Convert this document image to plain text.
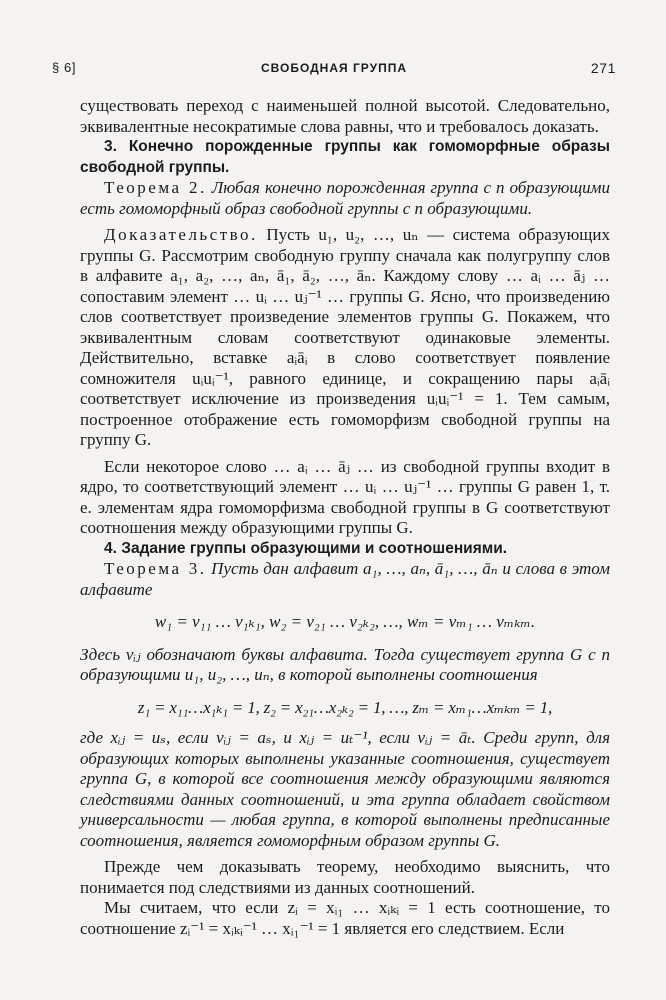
§ 6]	СВОБОДНАЯ ГРУППА	271

существовать переход с наименьшей полной высотой. Следовательно, эквивалентные несократимые слова равны, что и требовалось доказать.

3. Конечно порожденные группы как гомоморфные образы свободной группы.

Теорема 2. Любая конечно порожденная группа с n образующими есть гомоморфный образ свободной группы с n образующими.

Доказательство. Пусть u₁, u₂, …, uₙ — система образующих группы G. Рассмотрим свободную группу сначала как полугруппу слов в алфавите a₁, a₂, …, aₙ, ā₁, ā₂, …, āₙ. Каждому слову … aᵢ … āⱼ … сопоставим элемент … uᵢ … uⱼ⁻¹ … группы G. Ясно, что произведению слов соответствует произведение элементов группы G. Покажем, что эквивалентным словам соответствуют одинаковые элементы. Действительно, вставке aᵢāᵢ в слово соответствует появление сомножителя uᵢuᵢ⁻¹, равного единице, и сокращению пары aᵢāᵢ соответствует исключение из произведения uᵢuᵢ⁻¹ = 1. Тем самым, построенное отображение есть гомоморфизм свободной группы на группу G.

Если некоторое слово … aᵢ … āⱼ … из свободной группы входит в ядро, то соответствующий элемент … uᵢ … uⱼ⁻¹ … группы G равен 1, т. е. элементам ядра гомоморфизма свободной группы в G соответствуют соотношения между образующими группы G.

4. Задание группы образующими и соотношениями.

Теорема 3. Пусть дан алфавит a₁, …, aₙ, ā₁, …, āₙ и слова в этом алфавите

w₁ = v₁₁ … v₁ₖ₁, w₂ = v₂₁ … v₂ₖ₂, …, wₘ = vₘ₁ … vₘₖₘ.

Здесь vᵢⱼ обозначают буквы алфавита. Тогда существует группа G с n образующими u₁, u₂, …, uₙ, в которой выполнены соотношения

z₁ = x₁₁…x₁ₖ₁ = 1, z₂ = x₂₁…x₂ₖ₂ = 1, …, zₘ = xₘ₁…xₘₖₘ = 1,

где xᵢⱼ = uₛ, если vᵢⱼ = aₛ, и xᵢⱼ = uₜ⁻¹, если vᵢⱼ = āₜ. Среди групп, для образующих которых выполнены указанные соотношения, существует группа G, в которой все соотношения между образующими являются следствиями данных соотношений, и эта группа обладает свойством универсальности — любая группа, в которой выполнены предписанные соотношения, является гомоморфным образом группы G.

Прежде чем доказывать теорему, необходимо выяснить, что понимается под следствиями из данных соотношений.

Мы считаем, что если zᵢ = xᵢ₁ … xᵢₖᵢ = 1 есть соотношение, то соотношение zᵢ⁻¹ = xᵢₖᵢ⁻¹ … xᵢ₁⁻¹ = 1 является его следствием. Если
